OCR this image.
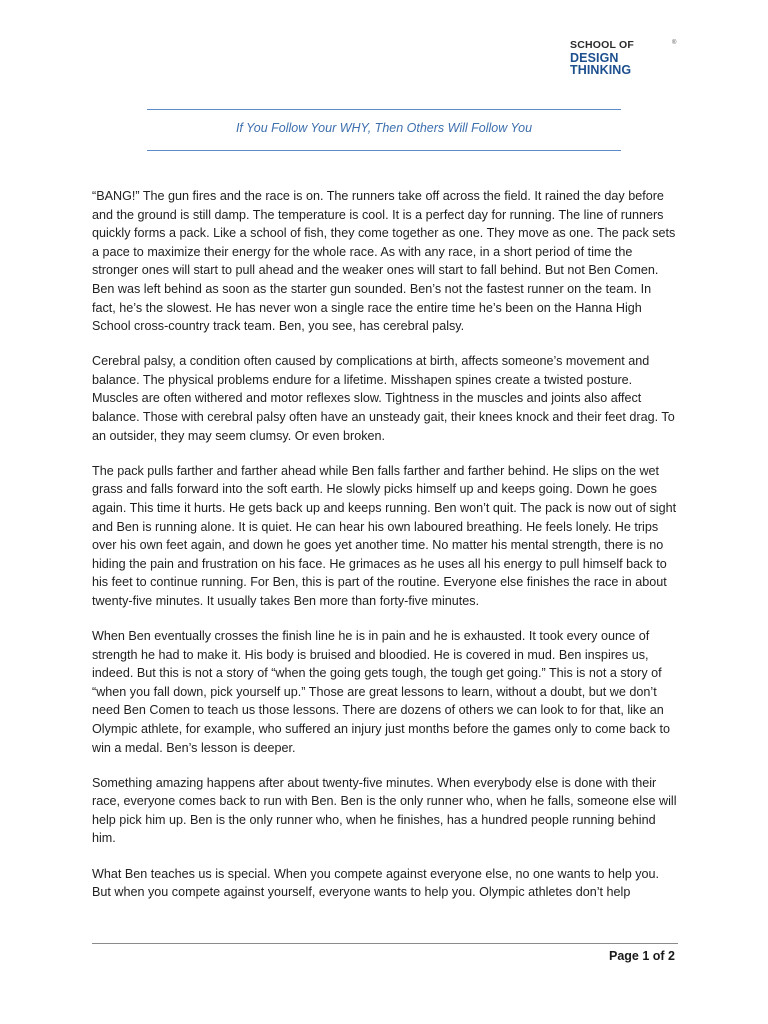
SCHOOL OF
DESIGN THINKING
®
If You Follow Your WHY, Then Others Will Follow You

“BANG!” The gun fires and the race is on. The runners take off across the field. It rained the day before and the ground is still damp. The temperature is cool. It is a perfect day for running. The line of runners quickly forms a pack. Like a school of fish, they come together as one. They move as one. The pack sets a pace to maximize their energy for the whole race. As with any race, in a short period of time the stronger ones will start to pull ahead and the weaker ones will start to fall behind. But not Ben Comen. Ben was left behind as soon as the starter gun sounded. Ben’s not the fastest runner on the team. In fact, he’s the slowest. He has never won a single race the entire time he’s been on the Hanna High School cross-country track team. Ben, you see, has cerebral palsy.

Cerebral palsy, a condition often caused by complications at birth, affects someone’s movement and balance. The physical problems endure for a lifetime. Misshapen spines create a twisted posture. Muscles are often withered and motor reflexes slow. Tightness in the muscles and joints also affect balance. Those with cerebral palsy often have an unsteady gait, their knees knock and their feet drag. To an outsider, they may seem clumsy. Or even broken.

The pack pulls farther and farther ahead while Ben falls farther and farther behind. He slips on the wet grass and falls forward into the soft earth. He slowly picks himself up and keeps going. Down he goes again. This time it hurts. He gets back up and keeps running. Ben won’t quit. The pack is now out of sight and Ben is running alone. It is quiet. He can hear his own laboured breathing. He feels lonely. He trips over his own feet again, and down he goes yet another time. No matter his mental strength, there is no hiding the pain and frustration on his face. He grimaces as he uses all his energy to pull himself back to his feet to continue running. For Ben, this is part of the routine. Everyone else finishes the race in about twenty-five minutes. It usually takes Ben more than forty-five minutes.

When Ben eventually crosses the finish line he is in pain and he is exhausted. It took every ounce of strength he had to make it. His body is bruised and bloodied. He is covered in mud. Ben inspires us, indeed. But this is not a story of “when the going gets tough, the tough get going.” This is not a story of “when you fall down, pick yourself up.” Those are great lessons to learn, without a doubt, but we don’t need Ben Comen to teach us those lessons. There are dozens of others we can look to for that, like an Olympic athlete, for example, who suffered an injury just months before the games only to come back to win a medal. Ben’s lesson is deeper.

Something amazing happens after about twenty-five minutes. When everybody else is done with their race, everyone comes back to run with Ben. Ben is the only runner who, when he falls, someone else will help pick him up. Ben is the only runner who, when he finishes, has a hundred people running behind him.

What Ben teaches us is special. When you compete against everyone else, no one wants to help you. But when you compete against yourself, everyone wants to help you. Olympic athletes don’t help

Page 1 of 2
